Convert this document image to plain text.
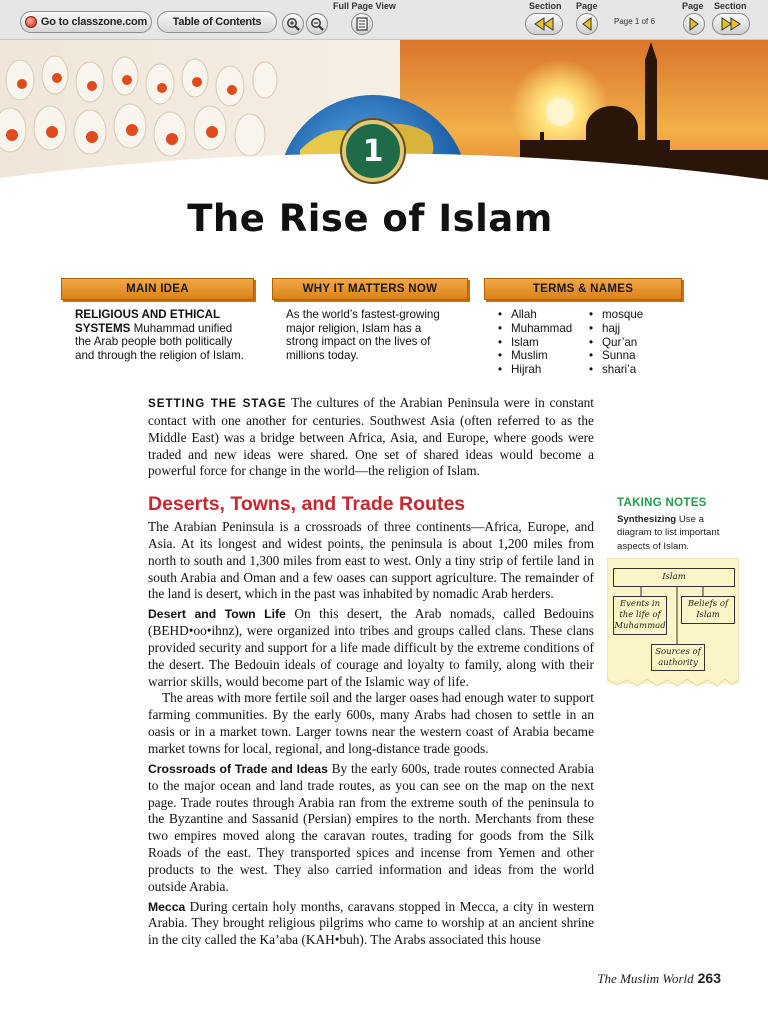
Go to classzone.com Table of Contents
Full Page View	Section Page
Page 1 of 6
Page Section
1
The Rise of Islam
MAIN IDEA	WHY IT MATTERS NOW	TERMS & NAMES
RELIGIOUS AND ETHICAL SYSTEMS Muhammad unified the Arab people both politically and through the religion of Islam.
As the world’s fastest-growing major religion, Islam has a strong impact on the lives of millions today.
• Allah
• Muhammad
• Islam
• Muslim
• Hijrah
• mosque
• hajj
• Qur’an
• Sunna
• shari’a

SETTING THE STAGE The cultures of the Arabian Peninsula were in constant contact with one another for centuries. Southwest Asia (often referred to as the Middle East) was a bridge between Africa, Asia, and Europe, where goods were traded and new ideas were shared. One set of shared ideas would become a powerful force for change in the world—the religion of Islam.

Deserts, Towns, and Trade Routes

The Arabian Peninsula is a crossroads of three continents—Africa, Europe, and Asia. At its longest and widest points, the peninsula is about 1,200 miles from north to south and 1,300 miles from east to west. Only a tiny strip of fertile land in south Arabia and Oman and a few oases can support agriculture. The remainder of the land is desert, which in the past was inhabited by nomadic Arab herders.

Desert and Town Life On this desert, the Arab nomads, called Bedouins (BEHD•oo•ihnz), were organized into tribes and groups called clans. These clans provided security and support for a life made difficult by the extreme conditions of the desert. The Bedouin ideals of courage and loyalty to family, along with their warrior skills, would become part of the Islamic way of life.

The areas with more fertile soil and the larger oases had enough water to support farming communities. By the early 600s, many Arabs had chosen to settle in an oasis or in a market town. Larger towns near the western coast of Arabia became market towns for local, regional, and long-distance trade goods.

Crossroads of Trade and Ideas By the early 600s, trade routes connected Arabia to the major ocean and land trade routes, as you can see on the map on the next page. Trade routes through Arabia ran from the extreme south of the peninsula to the Byzantine and Sassanid (Persian) empires to the north. Merchants from these two empires moved along the caravan routes, trading for goods from the Silk Roads of the east. They transported spices and incense from Yemen and other products to the west. They also carried information and ideas from the world outside Arabia.

Mecca During certain holy months, caravans stopped in Mecca, a city in western Arabia. They brought religious pilgrims who came to worship at an ancient shrine in the city called the Ka’aba (KAH•buh). The Arabs associated this house

TAKING NOTES
Synthesizing Use a diagram to list important aspects of Islam.
Islam
Events in the life of Muhammad
Beliefs of Islam
Sources of authority
The Muslim World 263
